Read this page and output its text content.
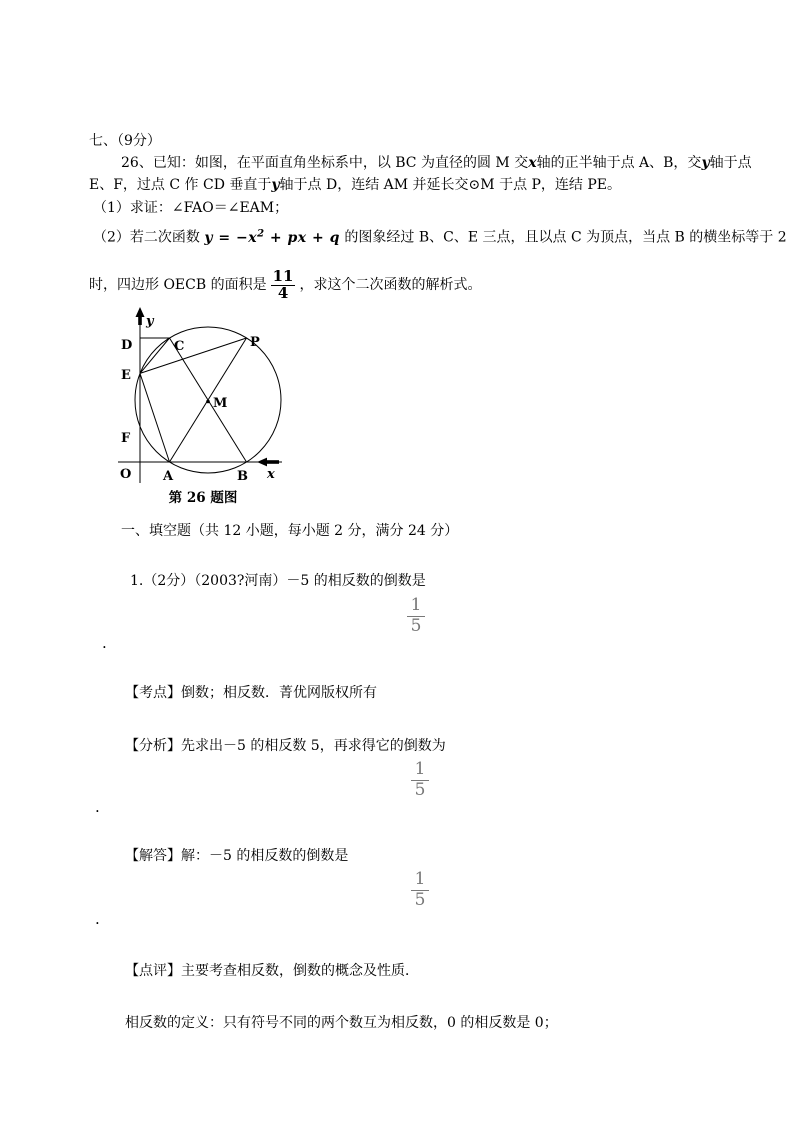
七、（9分）
26、已知：如图，在平面直角坐标系中，以 BC 为直径的圆 M 交x轴的正半轴于点 A、B，交y轴于点
E、F，过点 C 作 CD 垂直于y轴于点 D，连结 AM 并延长交⊙M 于点 P，连结 PE。
（1）求证：∠FAO＝∠EAM；
（2）若二次函数 $y = -x^2$ + px + q 的图象经过 B、C、E 三点，且以点 C 为顶点，当点 B 的横坐标等于 2
时，四边形 OECB 的面积是 $\frac{11}{4}$ ，求这个二次函数的解析式。
y
D	C	P
E
M
F
O A	B x
第 26 题图
一、填空题（共 12 小题，每小题 2 分，满分 24 分）
1.（2分）（2003?河南）－5 的相反数的倒数是
$\frac{1}{5}$
.
【考点】倒数；相反数．菁优网版权所有
【分析】先求出－5 的相反数 5，再求得它的倒数为
$\frac{1}{5}$
.
【解答】解：－5 的相反数的倒数是
$\frac{1}{5}$
.
【点评】主要考查相反数，倒数的概念及性质．
相反数的定义：只有符号不同的两个数互为相反数，0 的相反数是 0；
